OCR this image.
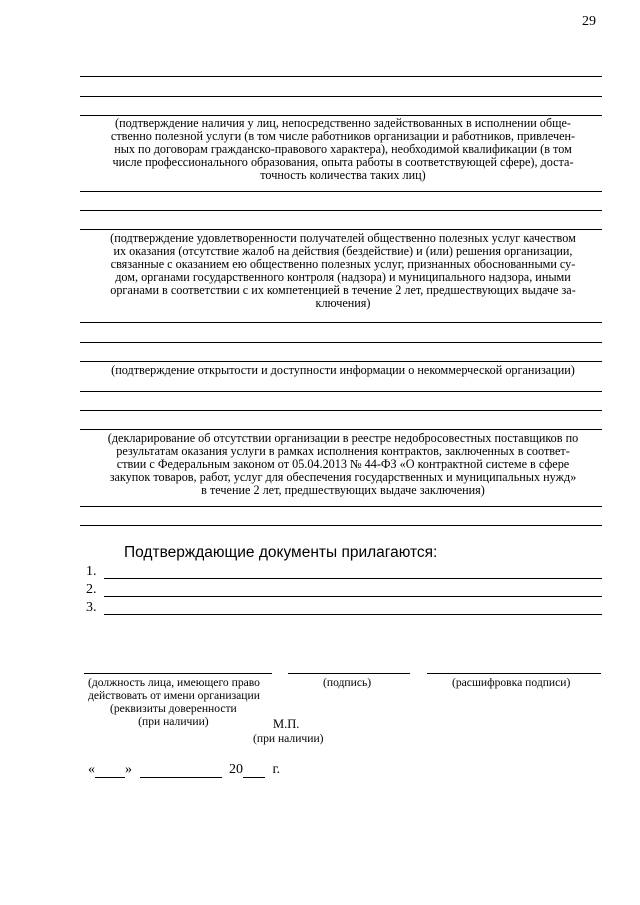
29
(подтверждение наличия у лиц, непосредственно задействованных в исполнении обще-
ственно полезной услуги (в том числе работников организации и работников, привлечен-
ных по договорам гражданско-правового характера), необходимой квалификации (в том
числе профессионального образования, опыта работы в соответствующей сфере), доста-
точность количества таких лиц)
(подтверждение удовлетворенности получателей общественно полезных услуг качеством
их оказания (отсутствие жалоб на действия (бездействие) и (или) решения организации,
связанные с оказанием ею общественно полезных услуг, признанных обоснованными су-
дом, органами государственного контроля (надзора) и муниципального надзора, иными
органами в соответствии с их компетенцией в течение 2 лет, предшествующих выдаче за-
ключения)
(подтверждение открытости и доступности информации о некоммерческой организации)
(декларирование об отсутствии организации в реестре недобросовестных поставщиков по
результатам оказания услуги в рамках исполнения контрактов, заключенных в соответ-
ствии с Федеральным законом от 05.04.2013 № 44-ФЗ «О контрактной системе в сфере
закупок товаров, работ, услуг для обеспечения государственных и муниципальных нужд»
в течение 2 лет, предшествующих выдаче заключения)
Подтверждающие документы прилагаются:
1.
2.
3.
(должность лица, имеющего право
действовать от имени организации
(реквизиты доверенности
(при наличии)
(подпись)	(расшифровка подписи)
М.П.
(при наличии)
« »	20 г.
